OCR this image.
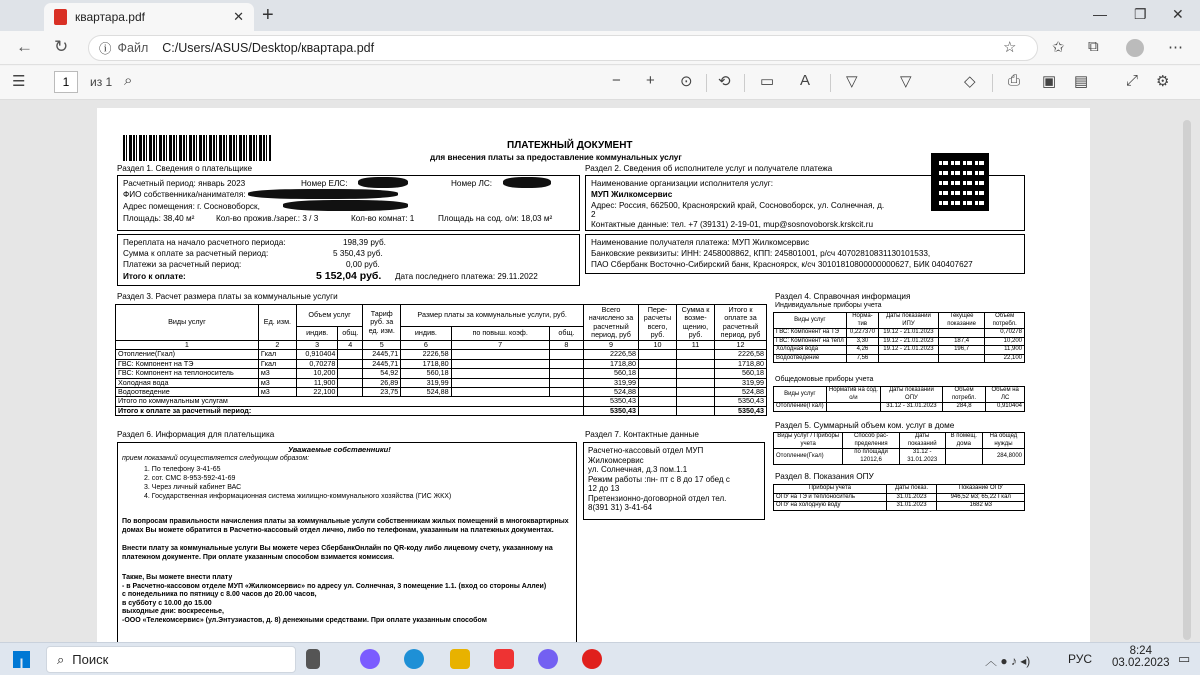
квартара.pdf	✕ +	— ❐ ✕
← ↻ ⓘ Файл C:/Users/ASUS/Desktop/квартара.pdf	☆ ✩ ⧉	⋯
☰	1	из 1 ⌕	− + ⊙ ⟲ ▭ A ▽	▽	◇ ⎙ ▣ ▤	⤢ ⚙
ПЛАТЕЖНЫЙ ДОКУМЕНТ
для внесения платы за предоставление коммунальных услуг
Раздел 1. Сведения о плательщике	Раздел 2. Сведения об исполнителе услуг и получателе платежа
Расчетный период: январь 2023	Номер ЕЛС:	Номер ЛС:
ФИО собственника/нанимателя:
Адрес помещения: г. Сосновоборск,
Площадь: 38,40 м²	Кол-во прожив./зарег.: 3 / 3	Кол-во комнат: 1	Площадь на сод. о/и: 18,03 м²
Переплата на начало расчетного периода:	198,39 руб.
Сумма к оплате за расчетный период:	5 350,43 руб.
Платежи за расчетный период:	0,00 руб.
Итого к оплате:	5 152,04 руб. Дата последнего платежа: 29.11.2022
Наименование организации исполнителя услуг:
МУП Жилкомсервис
Адрес: Россия, 662500, Красноярский край, Сосновоборск, ул. Солнечная, д.
2
Контактные данные: тел. +7 (39131) 2-19-01, mup@sosnovoborsk.krskcit.ru
Наименование получателя платежа: МУП Жилкомсервис
Банковские реквизиты: ИНН: 2458008862, КПП: 245801001, р/сч 40702810831130101533,
ПАО Сбербанк Восточно-Сибирский банк, Красноярск, к/сч 30101810800000000627, БИК 040407627
Раздел 3. Расчет размера платы за коммунальные услуги
Виды услуг	Ед. изм.	Объем услуг		Тариф руб. за ед. изм.	Размер платы за коммунальные услуги, руб.			Всего начислено за расчетный период, руб	Пере-расчеты всего, руб.	Сумма к возме-щению, руб.	Итого к оплате за расчетный период, руб
		индив.	общ.		индив.	по повыш. коэф.	общ.				
1	2	3	4	5	6	7	8	9	10	11	12
Отопление(Гкал)	Гкал	0,910404		2445,71	2226,58			2226,58			2226,58
ГВС: Компонент на ТЭ	Гкал	0,70278		2445,71	1718,80			1718,80			1718,80
ГВС: Компонент на теплоноситель	м3	10,200		54,92	560,18			560,18			560,18
Холодная вода	м3	11,900		26,89	319,99			319,99			319,99
Водоотведение	м3	22,100		23,75	524,88			524,88			524,88
Итого по коммунальным услугам								5350,43			5350,43
Итого к оплате за расчетный период:								5350,43			5350,43
Раздел 4. Справочная информация
Индивидуальные приборы учета
Виды услуг	Норма-тив	Даты показаний ИПУ	Текущее показание	Объем потребл.
ГВС: Компонент на ТЭ	0,227370	19.12 - 21.01.2023		0,70278
ГВС: Компонент на тепл	3,30	19.12 - 21.01.2023	187,4	10,200
Холодная вода	4,26	19.12 - 21.01.2023	196,7	11,900
Водоотведение	7,56			22,100
Общедомовые приборы учета
Виды услуг	Норматив на сод. о/и	Даты показаний ОПУ	Объем потребл.	Объем на ЛС
Отопление(Гкал)		31.12 - 31.01.2023	284,8	0,910404
Раздел 5. Суммарный объем ком. услуг в доме
Виды услуг / Приборы учета	Способ рас-пределения	Даты показаний	В помещ. дома	На общед нужды
Отопление(Гкал)	по площади 12012,6	31.12 - 31.01.2023		284,8000
Раздел 8. Показания ОПУ
Приборы учета	Даты показ.	Показание ОПУ
ОПУ на ТЭ и теплоноситель	31.01.2023	946,52 м3; 65,22 Гкал
ОПУ на холодную воду	31.01.2023	1682 м3
Раздел 6. Информация для плательщика
Уважаемые собственники!
прием показаний осуществляется следующим образом:
1. По телефону 3-41-65
2. сот. СМС 8-953-592-41-69
3. Через личный кабинет ВАС
4. Государственная информационная система жилищно-коммунального хозяйства (ГИС ЖКХ)
По вопросам правильности начисления платы за коммунальные услуги собственникам жилых помещений в многоквартирных домах Вы можете обратится в Расчетно-кассовый отдел лично, либо по телефонам, указанным на платежных документах.
Внести плату за коммунальные услуги Вы можете через СбербанкОнлайн по QR-коду либо лицевому счету, указанному на платежном документе. При оплате указанным способом взимается комиссия.
Также, Вы можете внести плату
- в Расчетно-кассовом отделе МУП «Жилкомсервис» по адресу ул. Солнечная, 3 помещение 1.1. (вход со стороны Аллеи)
с понедельника по пятницу с 8.00 часов до 20.00 часов,
в субботу с 10.00 до 15.00
выходные дни: воскресенье,
-ООО «Телекомсервис» (ул.Энтузиастов, д. 8) денежными средствами. При оплате указанным способом
Раздел 7. Контактные данные
Расчетно-кассовый отдел МУП
Жилкомсервис
ул. Солнечная, д.3 пом.1.1
Режим работы :пн- пт с 8 до 17 обед с
12 до 13
Претензионно-договорной отдел тел.
8(391 31) 3-41-64
⌕ Поиск	︿ ● ♪ ◂)	РУС
8:24
03.02.2023 ▭
